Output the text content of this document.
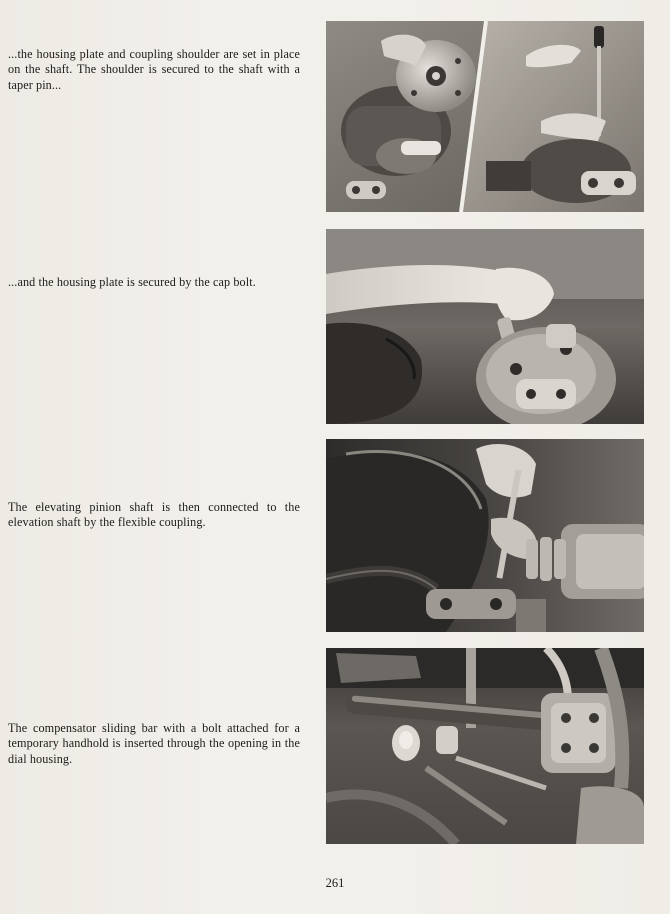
...the housing plate and coupling shoulder are set in place on the shaft. The shoulder is secured to the shaft with a taper pin...
...and the housing plate is secured by the cap bolt.
The elevating pinion shaft is then connected to the elevation shaft by the flexible coupling.
The compensator sliding bar with a bolt attached for a temporary handhold is inserted through the opening in the dial housing.
261
